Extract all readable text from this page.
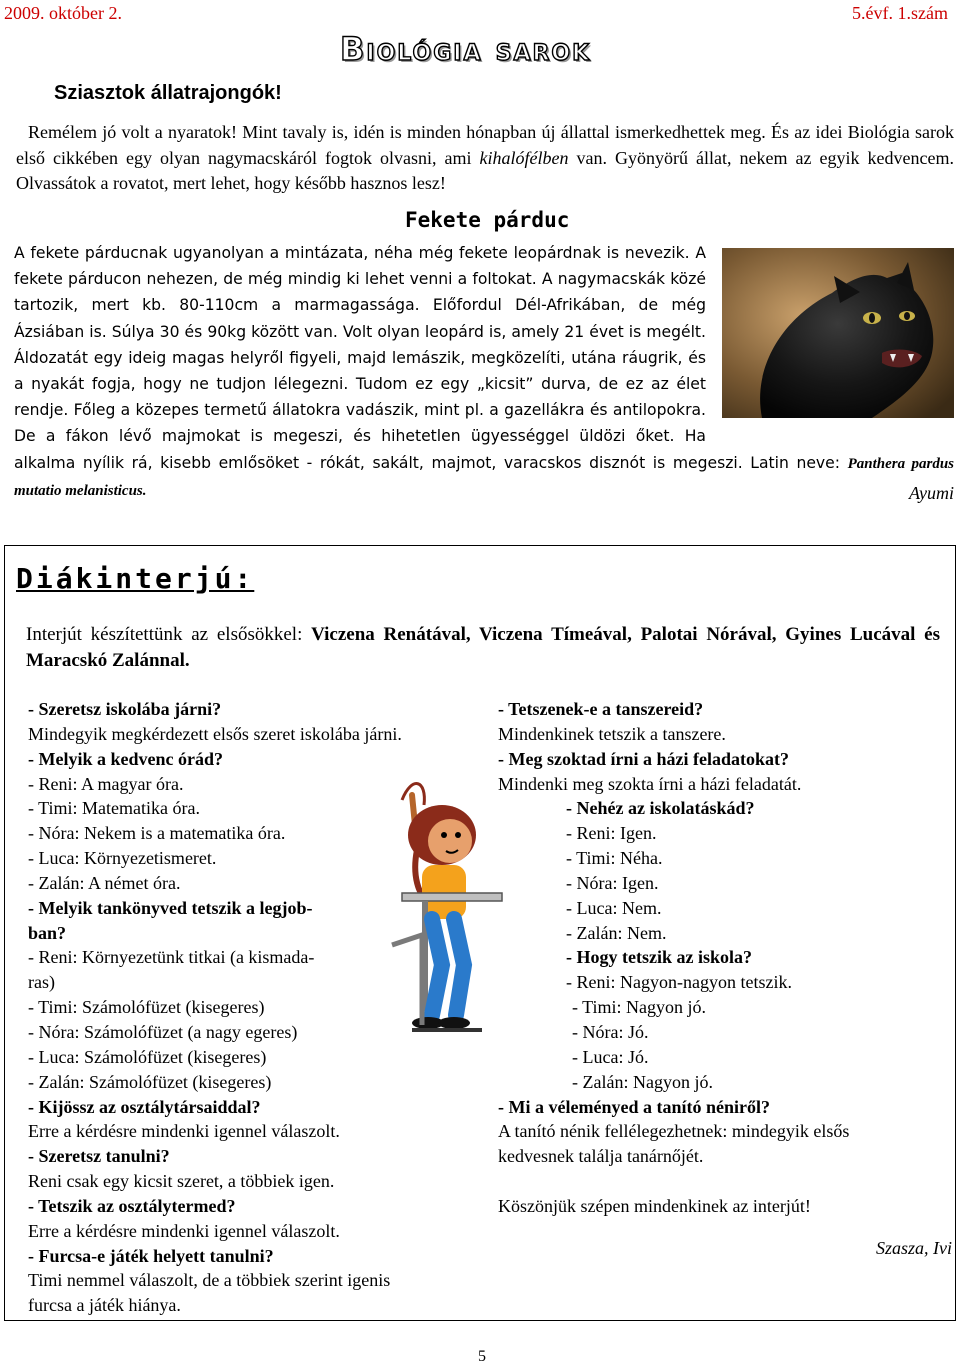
2009. október 2.	5.évf. 1.szám
Biológia sarok
Sziasztok állatrajongók!

Remélem jó volt a nyaratok! Mint tavaly is, idén is minden hónapban új állattal ismerkedhettek meg. És az idei Biológia sarok első cikkében egy olyan nagymacskáról fogtok olvasni, ami kihalófélben van. Gyönyörű állat, nekem az egyik kedvencem. Olvassátok a rovatot, mert lehet, hogy később hasznos lesz!

Fekete párduc

A fekete párducnak ugyanolyan a mintázata, néha még fekete leopárdnak is nevezik. A fekete párducon nehezen, de még mindig ki lehet venni a foltokat. A nagymacskák közé tartozik, mert kb. 80-110cm a marmagassága. Előfordul Dél-Afrikában, de még Ázsiában is. Súlya 30 és 90kg között van. Volt olyan leopárd is, amely 21 évet is megélt. Áldozatát egy ideig magas helyről figyeli, majd lemászik, megközelíti, utána ráugrik, és a nyakát fogja, hogy ne tudjon lélegezni. Tudom ez egy „kicsit” durva, de ez az élet rendje. Főleg a közepes termetű állatokra vadászik, mint pl. a gazellákra és antilopokra. De a fákon lévő majmokat is megeszi, és hihetetlen ügyességgel üldözi őket. Ha alkalma nyílik rá, kisebb emlősöket - rókát, sakált, majmot, varacskos disznót is megeszi. Latin neve: Panthera pardus mutatio melanisticus.	Ayumi
Diákinterjú:
Interjút készítettünk az elsősökkel: Viczena Renátával, Viczena Tímeával, Palotai Nórával, Gyines Lucával és Maracskó Zalánnal.
- Szeretsz iskolába járni?
Mindegyik megkérdezett elsős szeret iskolába járni.
- Melyik a kedvenc órád?
- Reni: A magyar óra.
- Timi: Matematika óra.
- Nóra: Nekem is a matematika óra.
- Luca: Környezetismeret.
- Zalán: A német óra.
- Melyik tankönyved tetszik a legjob-
ban?
- Reni: Környezetünk titkai (a kismada-
ras)
- Timi: Számolófüzet (kisegeres)
- Nóra: Számolófüzet (a nagy egeres)
- Luca: Számolófüzet (kisegeres)
- Zalán: Számolófüzet (kisegeres)
- Kijössz az osztálytársaiddal?
Erre a kérdésre mindenki igennel válaszolt.
- Szeretsz tanulni?
Reni csak egy kicsit szeret, a többiek igen.
- Tetszik az osztálytermed?
Erre a kérdésre mindenki igennel válaszolt.
- Furcsa-e játék helyett tanulni?
Timi nemmel válaszolt, de a többiek szerint igenis
furcsa a játék hiánya.
- Tetszenek-e a tanszereid?
Mindenkinek tetszik a tanszere.
- Meg szoktad írni a házi feladatokat?
Mindenki meg szokta írni a házi feladatát.
- Nehéz az iskolatáskád?
- Reni: Igen.
- Timi: Néha.
- Nóra: Igen.
- Luca: Nem.
- Zalán: Nem.
- Hogy tetszik az iskola?
- Reni: Nagyon-nagyon tetszik.
- Timi: Nagyon jó.
- Nóra: Jó.
- Luca: Jó.
- Zalán: Nagyon jó.
- Mi a véleményed a tanító néniről?
A tanító nénik fellélegezhetnek: mindegyik elsős
kedvesnek találja tanárnőjét.

Köszönjük szépen mindenkinek az interjút!
Szasza, Ivi
5
